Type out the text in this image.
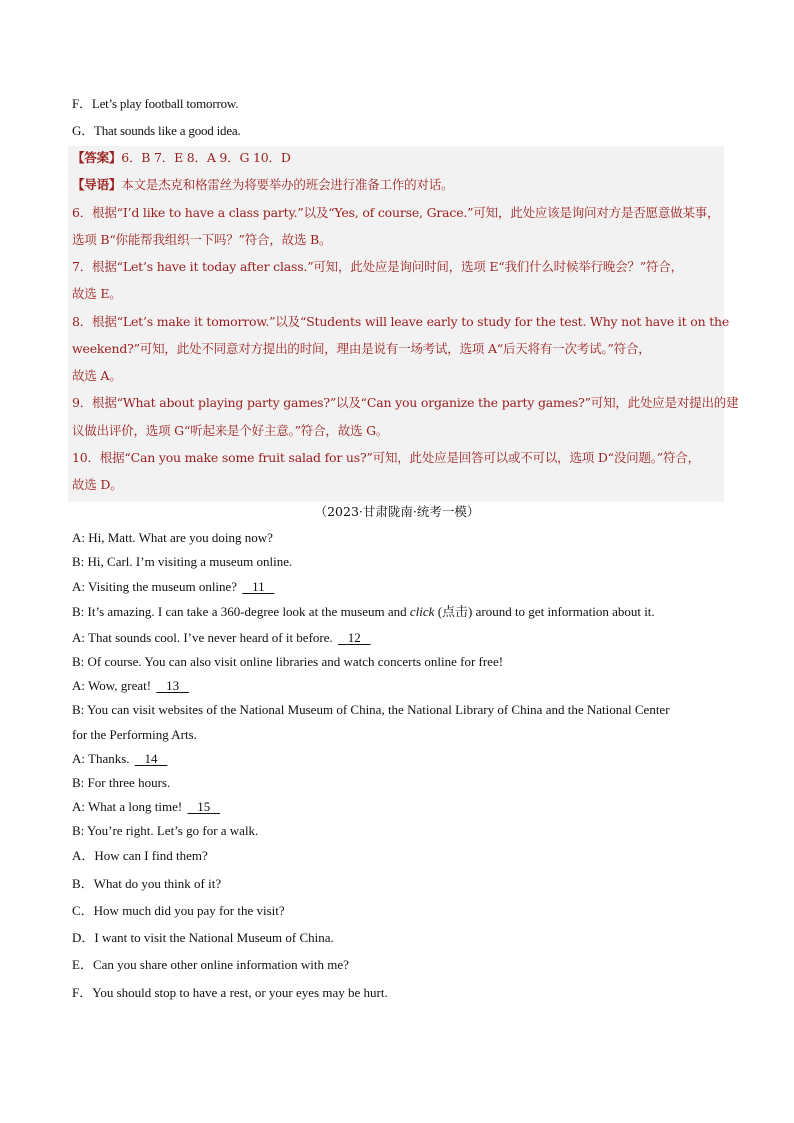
F．Let’s play football tomorrow.
G．That sounds like a good idea.
【答案】6．B 7．E 8．A 9．G 10．D
【导语】本文是杰克和格雷丝为将要举办的班会进行准备工作的对话。
6．根据“I’d like to have a class party.”以及“Yes, of course, Grace.”可知，此处应该是询问对方是否愿意做某事，
选项 B“你能帮我组织一下吗？”符合，故选 B。
7．根据“Let’s have it today after class.”可知，此处应是询问时间，选项 E“我们什么时候举行晚会？”符合，
故选 E。
8．根据“Let’s make it tomorrow.”以及“Students will leave early to study for the test. Why not have it on the
weekend?”可知，此处不同意对方提出的时间，理由是说有一场考试，选项 A“后天将有一次考试。”符合，
故选 A。
9．根据“What about playing party games?”以及“Can you organize the party games?”可知，此处应是对提出的建
议做出评价，选项 G“听起来是个好主意。”符合，故选 G。
10．根据“Can you make some fruit salad for us?”可知，此处应是回答可以或不可以，选项 D“没问题。”符合，
故选 D。
（2023·甘肃陇南·统考一模）
A: Hi, Matt. What are you doing now?
B: Hi, Carl. I’m visiting a museum online.
A: Visiting the museum online? 11
B: It’s amazing. I can take a 360-degree look at the museum and click (点击) around to get information about it.
A: That sounds cool. I’ve never heard of it before. 12
B: Of course. You can also visit online libraries and watch concerts online for free!
A: Wow, great! 13
B: You can visit websites of the National Museum of China, the National Library of China and the National Center
for the Performing Arts.
A: Thanks. 14
B: For three hours.
A: What a long time! 15
B: You’re right. Let’s go for a walk.
A．How can I find them?
B．What do you think of it?
C．How much did you pay for the visit?
D．I want to visit the National Museum of China.
E．Can you share other online information with me?
F．You should stop to have a rest, or your eyes may be hurt.
